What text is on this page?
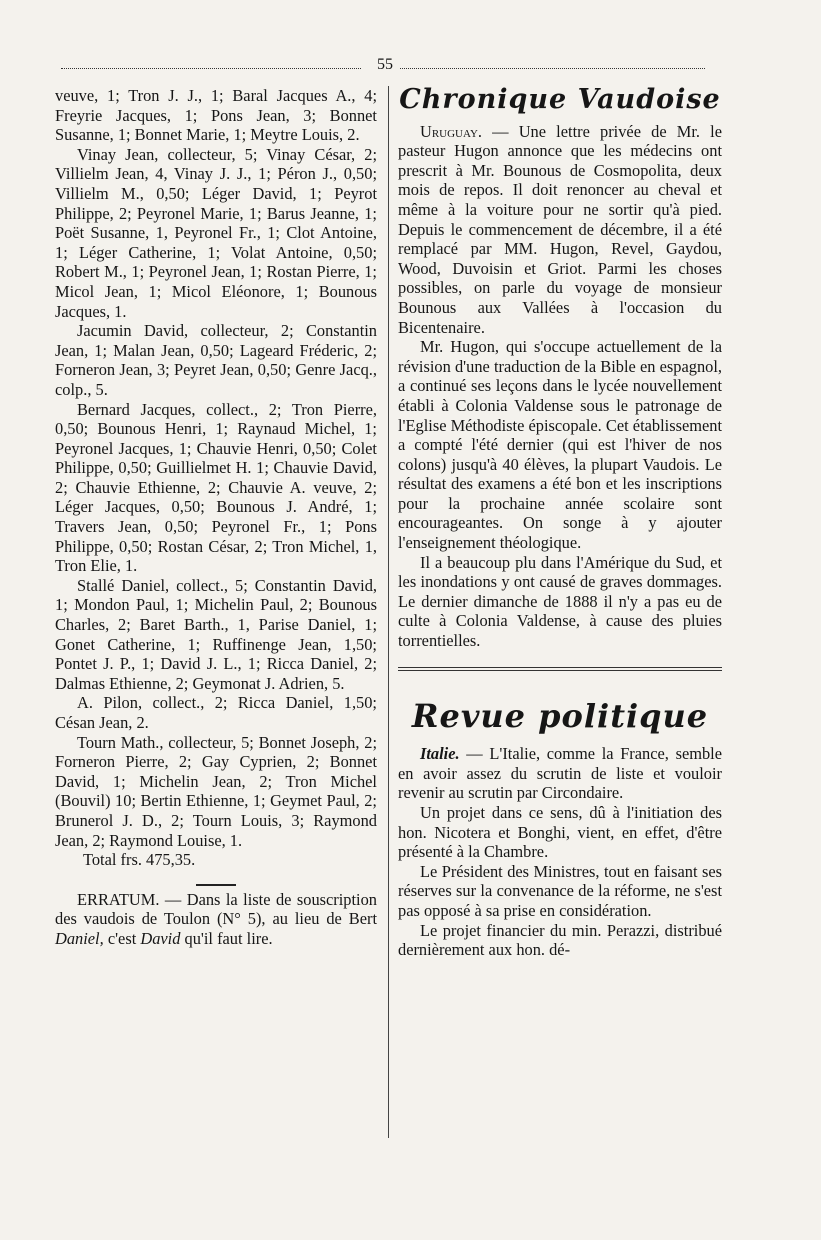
55

veuve, 1; Tron J. J., 1; Baral Jacques A., 4; Freyrie Jacques, 1; Pons Jean, 3; Bonnet Susanne, 1; Bonnet Marie, 1; Meytre Louis, 2.

Vinay Jean, collecteur, 5; Vinay César, 2; Villielm Jean, 4, Vinay J. J., 1; Péron J., 0,50; Villielm M., 0,50; Léger David, 1; Peyrot Philippe, 2; Peyronel Marie, 1; Barus Jeanne, 1; Poët Susanne, 1, Peyronel Fr., 1; Clot Antoine, 1; Léger Catherine, 1; Volat Antoine, 0,50; Robert M., 1; Peyronel Jean, 1; Rostan Pierre, 1; Micol Jean, 1; Micol Eléonore, 1; Bounous Jacques, 1.

Jacumin David, collecteur, 2; Constantin Jean, 1; Malan Jean, 0,50; Lageard Fréderic, 2; Forneron Jean, 3; Peyret Jean, 0,50; Genre Jacq., colp., 5.

Bernard Jacques, collect., 2; Tron Pierre, 0,50; Bounous Henri, 1; Raynaud Michel, 1; Peyronel Jacques, 1; Chauvie Henri, 0,50; Colet Philippe, 0,50; Guillielmet H. 1; Chauvie David, 2; Chauvie Ethienne, 2; Chauvie A. veuve, 2; Léger Jacques, 0,50; Bounous J. André, 1; Travers Jean, 0,50; Peyronel Fr., 1; Pons Philippe, 0,50; Rostan César, 2; Tron Michel, 1, Tron Elie, 1.

Stallé Daniel, collect., 5; Constantin David, 1; Mondon Paul, 1; Michelin Paul, 2; Bounous Charles, 2; Baret Barth., 1, Parise Daniel, 1; Gonet Catherine, 1; Ruffinenge Jean, 1,50; Pontet J. P., 1; David J. L., 1; Ricca Daniel, 2; Dalmas Ethienne, 2; Geymonat J. Adrien, 5.

A. Pilon, collect., 2; Ricca Daniel, 1,50; Césan Jean, 2.

Tourn Math., collecteur, 5; Bonnet Joseph, 2; Forneron Pierre, 2; Gay Cyprien, 2; Bonnet David, 1; Michelin Jean, 2; Tron Michel (Bouvil) 10; Bertin Ethienne, 1; Geymet Paul, 2; Brunerol J. D., 2; Tourn Louis, 3; Raymond Jean, 2; Raymond Louise, 1.

Total frs. 475,35.

ERRATUM. — Dans la liste de souscription des vaudois de Toulon (N° 5), au lieu de Bert Daniel, c'est David qu'il faut lire.

Chronique Vaudoise

Uruguay. — Une lettre privée de Mr. le pasteur Hugon annonce que les médecins ont prescrit à Mr. Bounous de Cosmopolita, deux mois de repos. Il doit renoncer au cheval et même à la voiture pour ne sortir qu'à pied. Depuis le commencement de décembre, il a été remplacé par MM. Hugon, Revel, Gaydou, Wood, Duvoisin et Griot. Parmi les choses possibles, on parle du voyage de monsieur Bounous aux Vallées à l'occasion du Bicentenaire.

Mr. Hugon, qui s'occupe actuellement de la révision d'une traduction de la Bible en espagnol, a continué ses leçons dans le lycée nouvellement établi à Colonia Valdense sous le patronage de l'Eglise Méthodiste épiscopale. Cet établissement a compté l'été dernier (qui est l'hiver de nos colons) jusqu'à 40 élèves, la plupart Vaudois. Le résultat des examens a été bon et les inscriptions pour la prochaine année scolaire sont encourageantes. On songe à y ajouter l'enseignement théologique.

Il a beaucoup plu dans l'Amérique du Sud, et les inondations y ont causé de graves dommages. Le dernier dimanche de 1888 il n'y a pas eu de culte à Colonia Valdense, à cause des pluies torrentielles.

Revue politique

Italie. — L'Italie, comme la France, semble en avoir assez du scrutin de liste et vouloir revenir au scrutin par Circondaire.

Un projet dans ce sens, dû à l'initiation des hon. Nicotera et Bonghi, vient, en effet, d'être présenté à la Chambre.

Le Président des Ministres, tout en faisant ses réserves sur la convenance de la réforme, ne s'est pas opposé à sa prise en considération.

Le projet financier du min. Perazzi, distribué dernièrement aux hon. dé-
